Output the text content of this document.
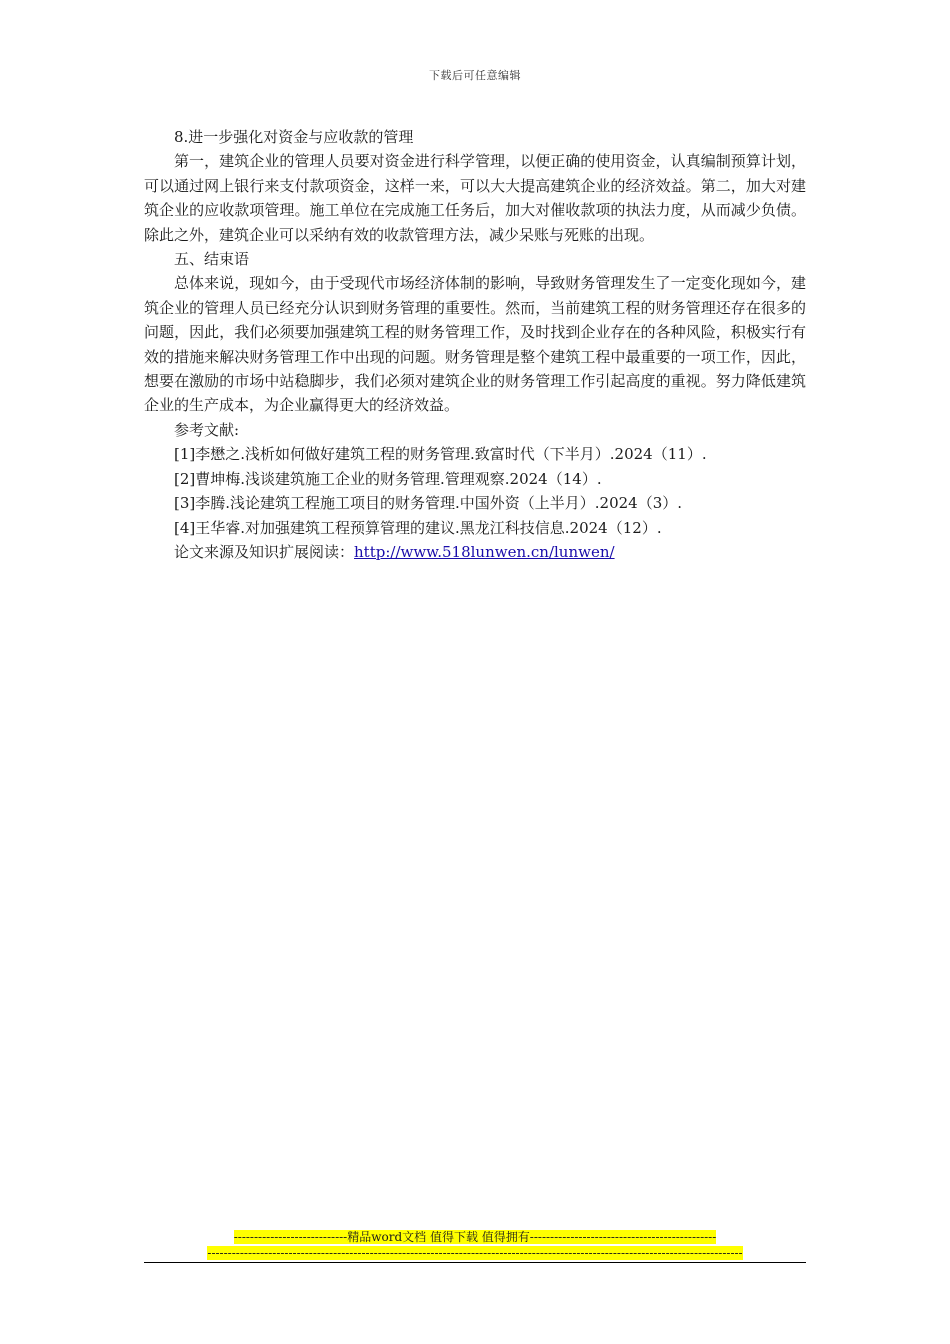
下载后可任意编辑

8.进一步强化对资金与应收款的管理

第一，建筑企业的管理人员要对资金进行科学管理，以便正确的使用资金，认真编制预算计划，可以通过网上银行来支付款项资金，这样一来，可以大大提高建筑企业的经济效益。第二，加大对建筑企业的应收款项管理。施工单位在完成施工任务后，加大对催收款项的执法力度，从而减少负债。除此之外，建筑企业可以采纳有效的收款管理方法，减少呆账与死账的出现。

五、结束语

总体来说，现如今，由于受现代市场经济体制的影响，导致财务管理发生了一定变化现如今，建筑企业的管理人员已经充分认识到财务管理的重要性。然而，当前建筑工程的财务管理还存在很多的问题，因此，我们必须要加强建筑工程的财务管理工作，及时找到企业存在的各种风险，积极实行有效的措施来解决财务管理工作中出现的问题。财务管理是整个建筑工程中最重要的一项工作，因此，想要在激励的市场中站稳脚步，我们必须对建筑企业的财务管理工作引起高度的重视。努力降低建筑企业的生产成本，为企业赢得更大的经济效益。

参考文献:

[1]李懋之.浅析如何做好建筑工程的财务管理.致富时代（下半月）.2024（11）.

[2]曹坤梅.浅谈建筑施工企业的财务管理.管理观察.2024（14）.

[3]李腾.浅论建筑工程施工项目的财务管理.中国外资（上半月）.2024（3）.

[4]王华睿.对加强建筑工程预算管理的建议.黑龙江科技信息.2024（12）.

论文来源及知识扩展阅读：http://www.518lunwen.cn/lunwen/

----------------------------精品word文档 值得下载 值得拥有----------------------------------------------
------------------------------------------------------------------------------------------------------------------------------------
